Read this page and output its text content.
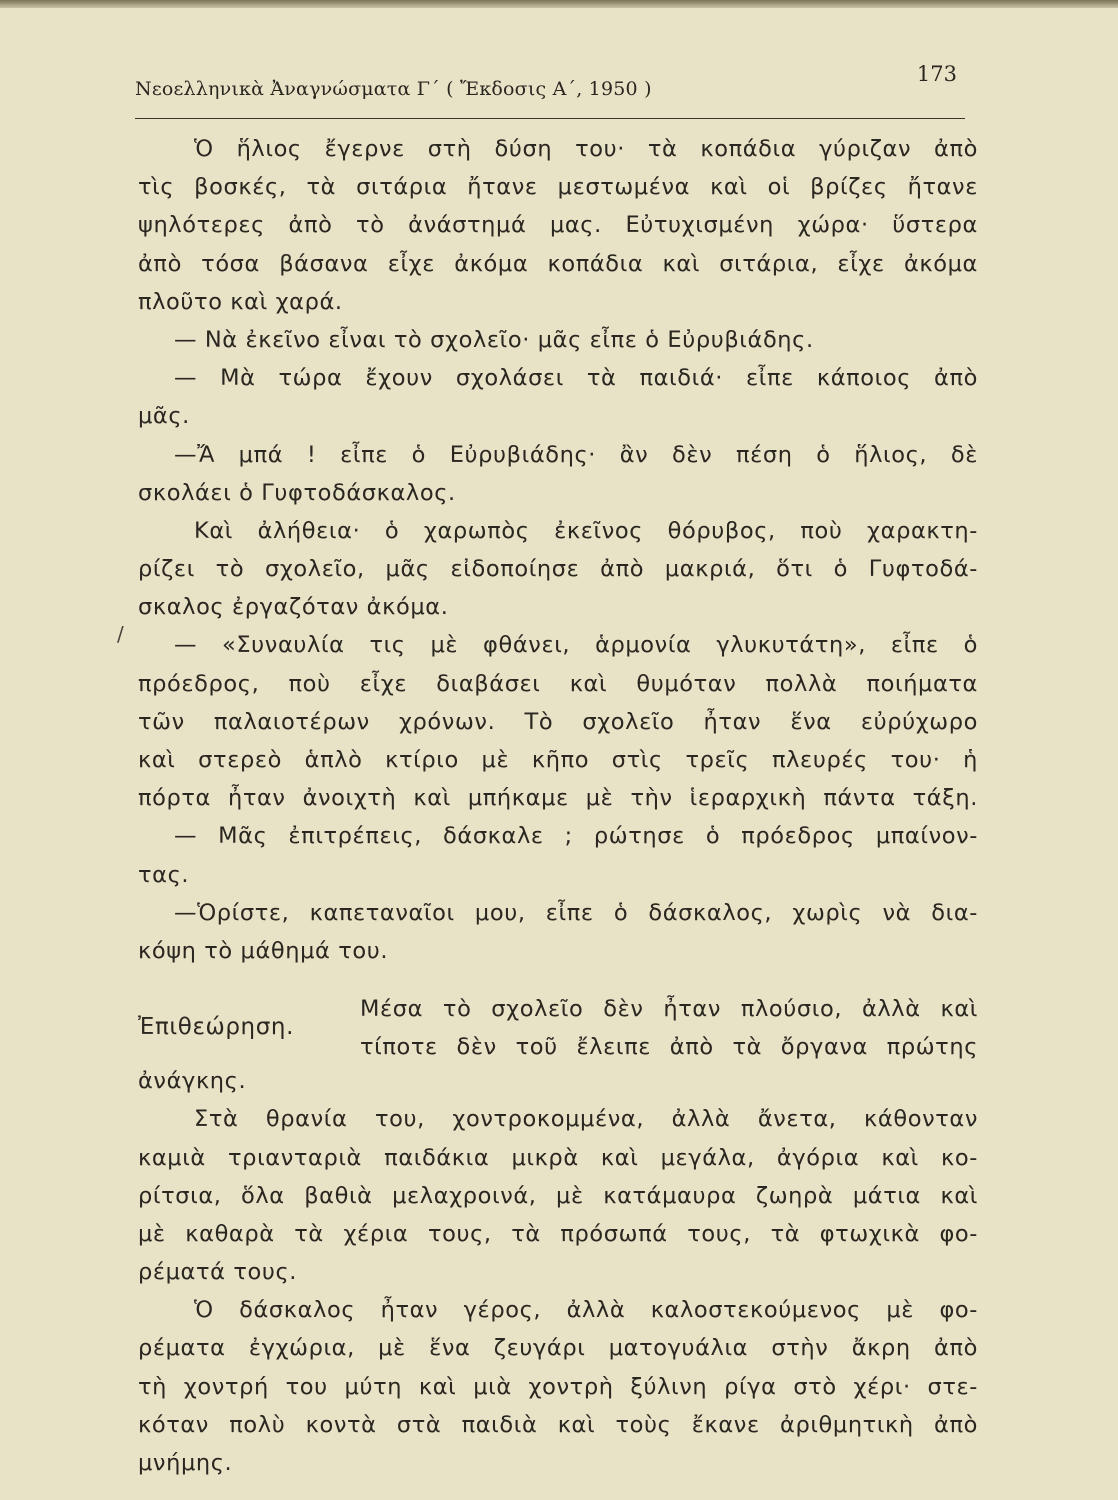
Νεοελληνικὰ Ἀναγνώσματα Γ΄ ( Ἔκδοσις Α΄, 1950 )
173
/
Ὁ ἥλιος ἔγερνε στὴ δύση του· τὰ κοπάδια γύριζαν ἀπὸ
τὶς βοσκές, τὰ σιτάρια ἤτανε μεστωμένα καὶ οἱ βρίζες ἤτανε
ψηλότερες ἀπὸ τὸ ἀνάστημά μας. Εὐτυχισμένη χώρα· ὕστερα
ἀπὸ τόσα βάσανα εἶχε ἀκόμα κοπάδια καὶ σιτάρια, εἶχε ἀκόμα
πλοῦτο καὶ χαρά.
— Νὰ ἐκεῖνο εἶναι τὸ σχολεῖο· μᾶς εἶπε ὁ Εὐρυβιάδης.
— Μὰ τώρα ἔχουν σχολάσει τὰ παιδιά· εἶπε κάποιος ἀπὸ
μᾶς.
—Ἄ μπά ! εἶπε ὁ Εὐρυβιάδης· ἂν δὲν πέση ὁ ἥλιος, δὲ
σκολάει ὁ Γυφτοδάσκαλος.
Καὶ ἀλήθεια· ὁ χαρωπὸς ἐκεῖνος θόρυβος, ποὺ χαρακτη-
ρίζει τὸ σχολεῖο, μᾶς εἰδοποίησε ἀπὸ μακριά, ὅτι ὁ Γυφτοδά-
σκαλος ἐργαζόταν ἀκόμα.
— «Συναυλία τις μὲ φθάνει, ἁρμονία γλυκυτάτη», εἶπε ὁ
πρόεδρος, ποὺ εἶχε διαβάσει καὶ θυμόταν πολλὰ ποιήματα
τῶν παλαιοτέρων χρόνων. Τὸ σχολεῖο ἦταν ἕνα εὐρύχωρο
καὶ στερεὸ ἁπλὸ κτίριο μὲ κῆπο στὶς τρεῖς πλευρές του· ἡ
πόρτα ἦταν ἀνοιχτὴ καὶ μπήκαμε μὲ τὴν ἱεραρχικὴ πάντα τάξη.
— Μᾶς ἐπιτρέπεις, δάσκαλε ; ρώτησε ὁ πρόεδρος μπαίνον-
τας.
—Ὁρίστε, καπεταναῖοι μου, εἶπε ὁ δάσκαλος, χωρὶς νὰ δια-
κόψη τὸ μάθημά του.
Ἐπιθεώρηση.
Μέσα τὸ σχολεῖο δὲν ἦταν πλούσιο, ἀλλὰ καὶ
τίποτε δὲν τοῦ ἔλειπε ἀπὸ τὰ ὄργανα πρώτης
ἀνάγκης.
Στὰ θρανία του, χοντροκομμένα, ἀλλὰ ἄνετα, κάθονταν
καμιὰ τριανταριὰ παιδάκια μικρὰ καὶ μεγάλα, ἀγόρια καὶ κο-
ρίτσια, ὅλα βαθιὰ μελαχροινά, μὲ κατάμαυρα ζωηρὰ μάτια καὶ
μὲ καθαρὰ τὰ χέρια τους, τὰ πρόσωπά τους, τὰ φτωχικὰ φο-
ρέματά τους.
Ὁ δάσκαλος ἦταν γέρος, ἀλλὰ καλοστεκούμενος μὲ φο-
ρέματα ἐγχώρια, μὲ ἕνα ζευγάρι ματογυάλια στὴν ἄκρη ἀπὸ
τὴ χοντρή του μύτη καὶ μιὰ χοντρὴ ξύλινη ρίγα στὸ χέρι· στε-
κόταν πολὺ κοντὰ στὰ παιδιὰ καὶ τοὺς ἔκανε ἀριθμητικὴ ἀπὸ
μνήμης.
